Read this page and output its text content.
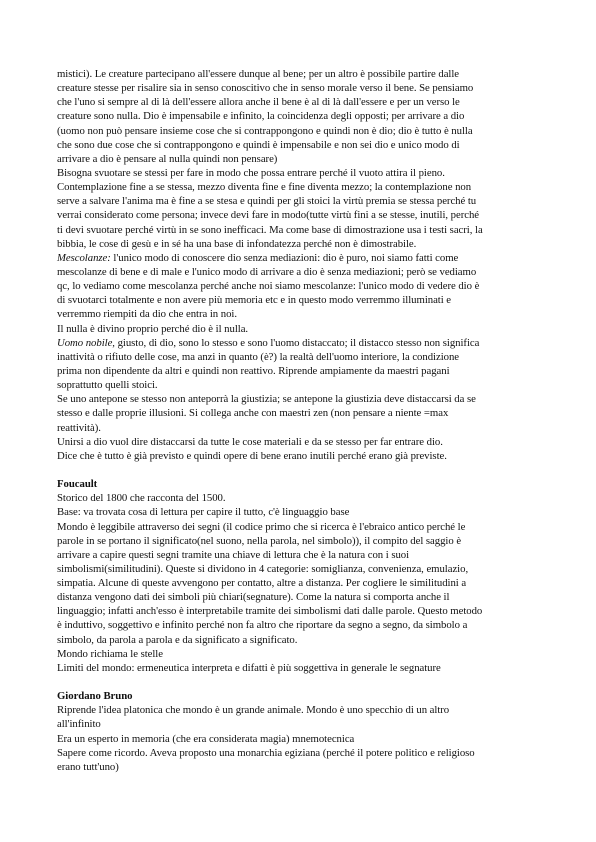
mistici). Le creature partecipano all'essere dunque al bene; per un altro è possibile partire dalle
creature stesse per risalire sia in senso conoscitivo che in senso morale verso il bene. Se pensiamo
che l'uno si sempre al di là dell'essere allora anche il bene è al di là dall'essere e per un verso le
creature sono nulla. Dio è impensabile e infinito, la coincidenza degli opposti; per arrivare a dio
(uomo non può pensare insieme cose che si contrappongono e quindi non è dio; dio è tutto è nulla
che sono due cose che si contrappongono e quindi è impensabile e non sei dio e unico modo di
arrivare a dio è pensare al nulla quindi non pensare)
Bisogna svuotare se stessi per fare in modo che possa entrare perché il vuoto attira il pieno.
Contemplazione fine a se stessa, mezzo diventa fine e fine diventa mezzo; la contemplazione non
serve a salvare l'anima ma è fine a se stesa e quindi per gli stoici la virtù premia se stessa perché tu
verrai considerato come persona; invece devi fare in modo(tutte virtù fini a se stesse, inutili, perché
ti devi svuotare perché virtù in se sono inefficaci. Ma come base di dimostrazione usa i testi sacri, la
bibbia, le cose di gesù e in sé ha una base di infondatezza perché non è dimostrabile.
Mescolanze: l'unico modo di conoscere dio senza mediazioni: dio è puro, noi siamo fatti come
mescolanze di bene e di male e l'unico modo di arrivare a dio è senza mediazioni; però se vediamo
qc, lo vediamo come mescolanza perché anche noi siamo mescolanze: l'unico modo di vedere dio è
di svuotarci totalmente e non avere più memoria etc e in questo modo verremmo illuminati e
verremmo riempiti da dio che entra in noi.
Il nulla è divino proprio perché dio è il nulla.
Uomo nobile, giusto, di dio, sono lo stesso e sono l'uomo distaccato; il distacco stesso non significa
inattività o rifiuto delle cose, ma anzi in quanto (è?) la realtà dell'uomo interiore, la condizione
prima non dipendente da altri e quindi non reattivo. Riprende ampiamente da maestri pagani
soprattutto quelli stoici.
Se uno antepone se stesso non anteporrà la giustizia; se antepone la giustizia deve distaccarsi da se
stesso e dalle proprie illusioni. Si collega anche con maestri zen (non pensare a niente =max
reattività).
Unirsi a dio vuol dire distaccarsi da tutte le cose materiali e da se stesso per far entrare dio.
Dice che è tutto è già previsto e quindi opere di bene erano inutili perché erano già previste.
Foucault
Storico del 1800 che racconta del 1500.
Base: va trovata cosa di lettura per capire il tutto, c'è linguaggio base
Mondo è leggibile attraverso dei segni (il codice primo che si ricerca è l'ebraico antico perché le
parole in se portano il significato(nel suono, nella parola, nel simbolo)), il compito del saggio è
arrivare a capire questi segni tramite una chiave di lettura che è la natura con i suoi
simbolismi(similitudini). Queste si dividono in 4 categorie: somiglianza, convenienza, emulazio,
simpatia. Alcune di queste avvengono per contatto, altre a distanza. Per cogliere le similitudini a
distanza vengono dati dei simboli più chiari(segnature). Come la natura si comporta anche il
linguaggio; infatti anch'esso è interpretabile tramite dei simbolismi dati dalle parole. Questo metodo
è induttivo, soggettivo e infinito perché non fa altro che riportare da segno a segno, da simbolo a
simbolo, da parola a parola e da significato a significato.
Mondo richiama le stelle
Limiti del mondo: ermeneutica interpreta e difatti è più soggettiva in generale le segnature
Giordano Bruno
Riprende l'idea platonica che mondo è un grande animale. Mondo è uno specchio di un altro
all'infinito
Era un esperto in memoria (che era considerata magia) mnemotecnica
Sapere come ricordo. Aveva proposto una monarchia egiziana (perché il potere politico e religioso
erano tutt'uno)
